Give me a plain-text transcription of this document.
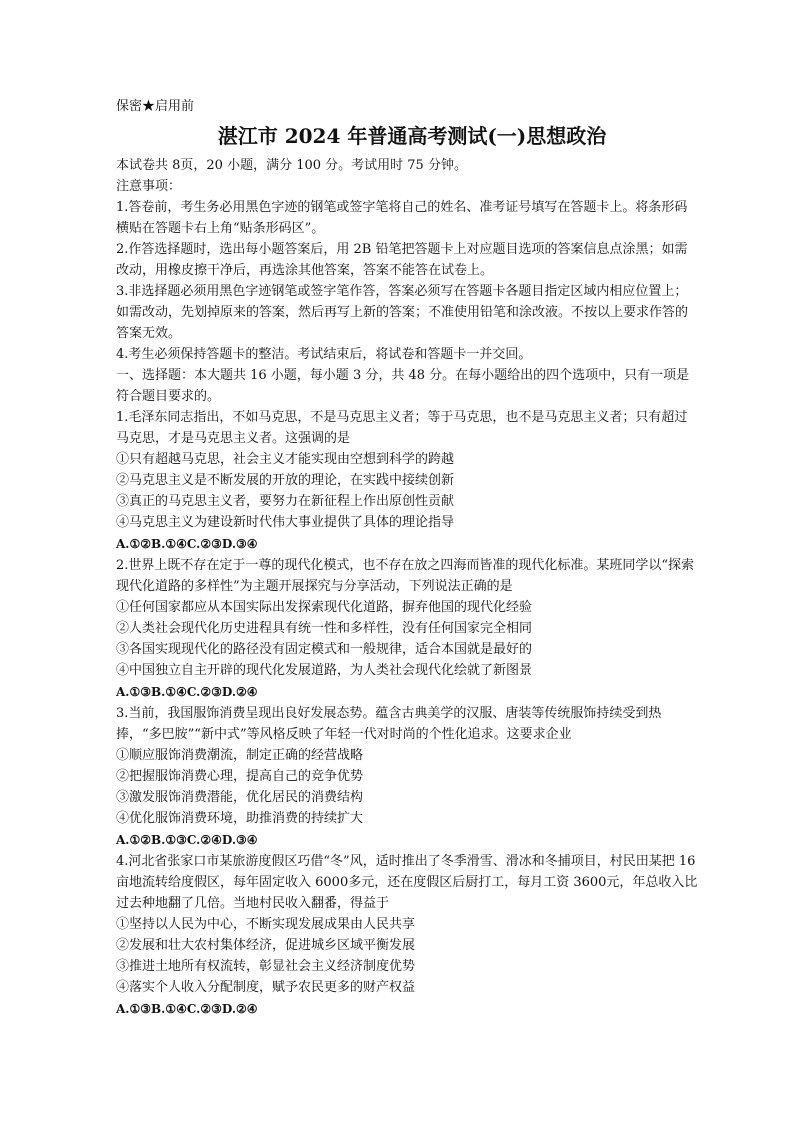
保密★启用前
湛江市 2024 年普通高考测试(一)思想政治
本试卷共 8页，20 小题，满分 100 分。考试用时 75 分钟。
注意事项：
1.答卷前，考生务必用黑色字迹的钢笔或签字笔将自己的姓名、准考证号填写在答题卡上。将条形码横贴在答题卡右上角“贴条形码区”。
2.作答选择题时，选出每小题答案后，用 2B 铅笔把答题卡上对应题目选项的答案信息点涂黑；如需改动，用橡皮擦干净后，再选涂其他答案，答案不能答在试卷上。
3.非选择题必须用黑色字迹钢笔或签字笔作答，答案必须写在答题卡各题目指定区域内相应位置上；如需改动，先划掉原来的答案，然后再写上新的答案；不准使用铅笔和涂改液。不按以上要求作答的答案无效。
4.考生必须保持答题卡的整洁。考试结束后，将试卷和答题卡一并交回。
一、选择题：本大题共 16 小题，每小题 3 分，共 48 分。在每小题给出的四个选项中，只有一项是符合题目要求的。
1.毛泽东同志指出，不如马克思，不是马克思主义者；等于马克思，也不是马克思主义者；只有超过马克思，才是马克思主义者。这强调的是
①只有超越马克思，社会主义才能实现由空想到科学的跨越
②马克思主义是不断发展的开放的理论，在实践中接续创新
③真正的马克思主义者，要努力在新征程上作出原创性贡献
④马克思主义为建设新时代伟大事业提供了具体的理论指导
A.①②B.①④C.②③D.③④
2.世界上既不存在定于一尊的现代化模式，也不存在放之四海而皆准的现代化标准。某班同学以“探索现代化道路的多样性”为主题开展探究与分享活动，下列说法正确的是
①任何国家都应从本国实际出发探索现代化道路，摒弃他国的现代化经验
②人类社会现代化历史进程具有统一性和多样性，没有任何国家完全相同
③各国实现现代化的路径没有固定模式和一般规律，适合本国就是最好的
④中国独立自主开辟的现代化发展道路，为人类社会现代化绘就了新图景
A.①③B.①④C.②③D.②④
3.当前，我国服饰消费呈现出良好发展态势。蕴含古典美学的汉服、唐装等传统服饰持续受到热捧，“多巴胺”“新中式”等风格反映了年轻一代对时尚的个性化追求。这要求企业
①顺应服饰消费潮流，制定正确的经营战略
②把握服饰消费心理，提高自己的竞争优势
③激发服饰消费潜能，优化居民的消费结构
④优化服饰消费环境，助推消费的持续扩大
A.①②B.①③C.②④D.③④
4.河北省张家口市某旅游度假区巧借“冬”风，适时推出了冬季滑雪、滑冰和冬捕项目，村民田某把 16亩地流转给度假区，每年固定收入 6000多元，还在度假区后厨打工，每月工资 3600元，年总收入比过去种地翻了几倍。当地村民收入翻番，得益于
①坚持以人民为中心，不断实现发展成果由人民共享
②发展和壮大农村集体经济，促进城乡区域平衡发展
③推进土地所有权流转，彰显社会主义经济制度优势
④落实个人收入分配制度，赋予农民更多的财产权益
A.①③B.①④C.②③D.②④
